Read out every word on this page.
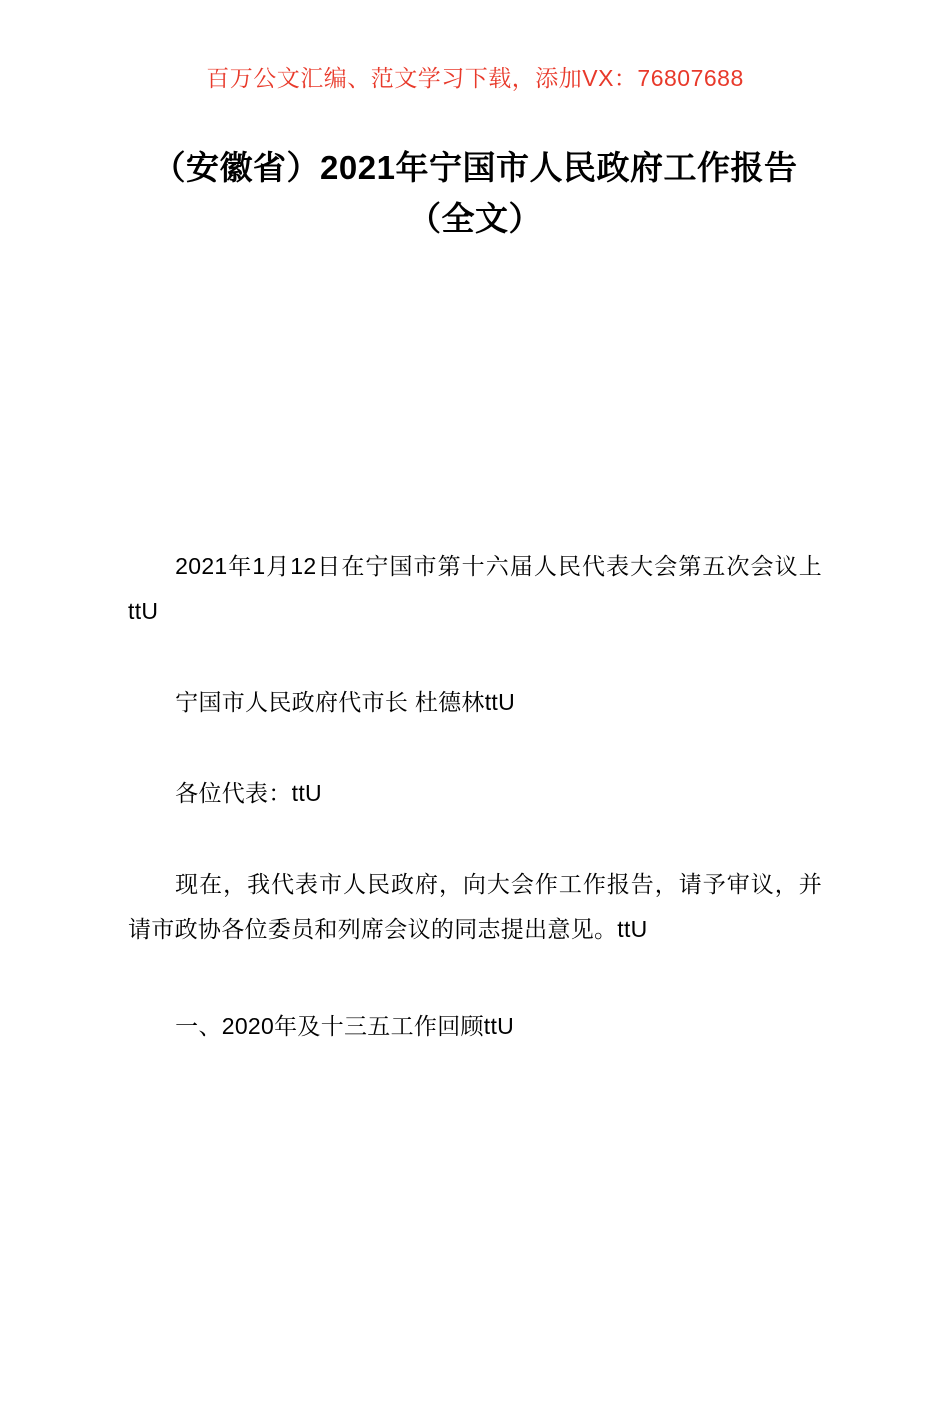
百万公文汇编、范文学习下载，添加VX：76807688
（安徽省）2021年宁国市人民政府工作报告（全文）

2021年1月12日在宁国市第十六届人民代表大会第五次会议上ttU

宁国市人民政府代市长 杜德林ttU

各位代表：ttU

现在，我代表市人民政府，向大会作工作报告，请予审议，并请市政协各位委员和列席会议的同志提出意见。ttU

一、2020年及十三五工作回顾ttU
